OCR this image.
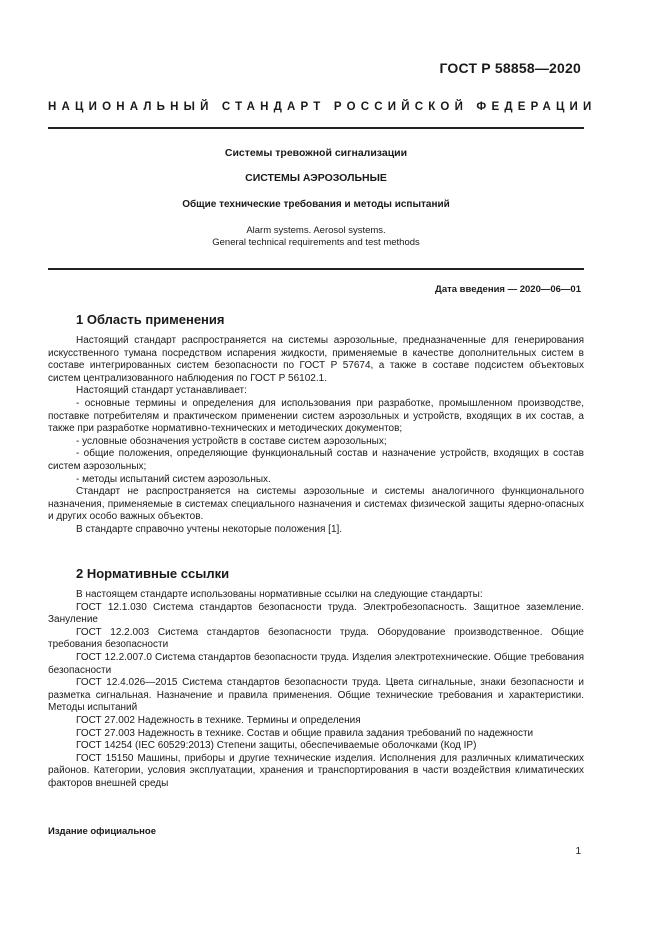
ГОСТ Р 58858—2020
НАЦИОНАЛЬНЫЙ СТАНДАРТ РОССИЙСКОЙ ФЕДЕРАЦИИ
Системы тревожной сигнализации
СИСТЕМЫ АЭРОЗОЛЬНЫЕ
Общие технические требования и методы испытаний
Alarm systems. Aerosol systems.
General technical requirements and test methods
Дата введения — 2020—06—01
1 Область применения

Настоящий стандарт распространяется на системы аэрозольные, предназначенные для генерирования искусственного тумана посредством испарения жидкости, применяемые в качестве дополнительных систем в составе интегрированных систем безопасности по ГОСТ Р 57674, а также в составе подсистем объектовых систем централизованного наблюдения по ГОСТ Р 56102.1.

Настоящий стандарт устанавливает:

- основные термины и определения для использования при разработке, промышленном производстве, поставке потребителям и практическом применении систем аэрозольных и устройств, входящих в их состав, а также при разработке нормативно-технических и методических документов;

- условные обозначения устройств в составе систем аэрозольных;

- общие положения, определяющие функциональный состав и назначение устройств, входящих в состав систем аэрозольных;

- методы испытаний систем аэрозольных.

Стандарт не распространяется на системы аэрозольные и системы аналогичного функционального назначения, применяемые в системах специального назначения и системах физической защиты ядерно-опасных и других особо важных объектов.

В стандарте справочно учтены некоторые положения [1].

2 Нормативные ссылки

В настоящем стандарте использованы нормативные ссылки на следующие стандарты:

ГОСТ 12.1.030 Система стандартов безопасности труда. Электробезопасность. Защитное заземление. Зануление

ГОСТ 12.2.003 Система стандартов безопасности труда. Оборудование производственное. Общие требования безопасности

ГОСТ 12.2.007.0 Система стандартов безопасности труда. Изделия электротехнические. Общие требования безопасности

ГОСТ 12.4.026—2015 Система стандартов безопасности труда. Цвета сигнальные, знаки безопасности и разметка сигнальная. Назначение и правила применения. Общие технические требования и характеристики. Методы испытаний

ГОСТ 27.002 Надежность в технике. Термины и определения

ГОСТ 27.003 Надежность в технике. Состав и общие правила задания требований по надежности

ГОСТ 14254 (IEC 60529:2013) Степени защиты, обеспечиваемые оболочками (Код IP)

ГОСТ 15150 Машины, приборы и другие технические изделия. Исполнения для различных климатических районов. Категории, условия эксплуатации, хранения и транспортирования в части воздействия климатических факторов внешней среды

Издание официальное
1
